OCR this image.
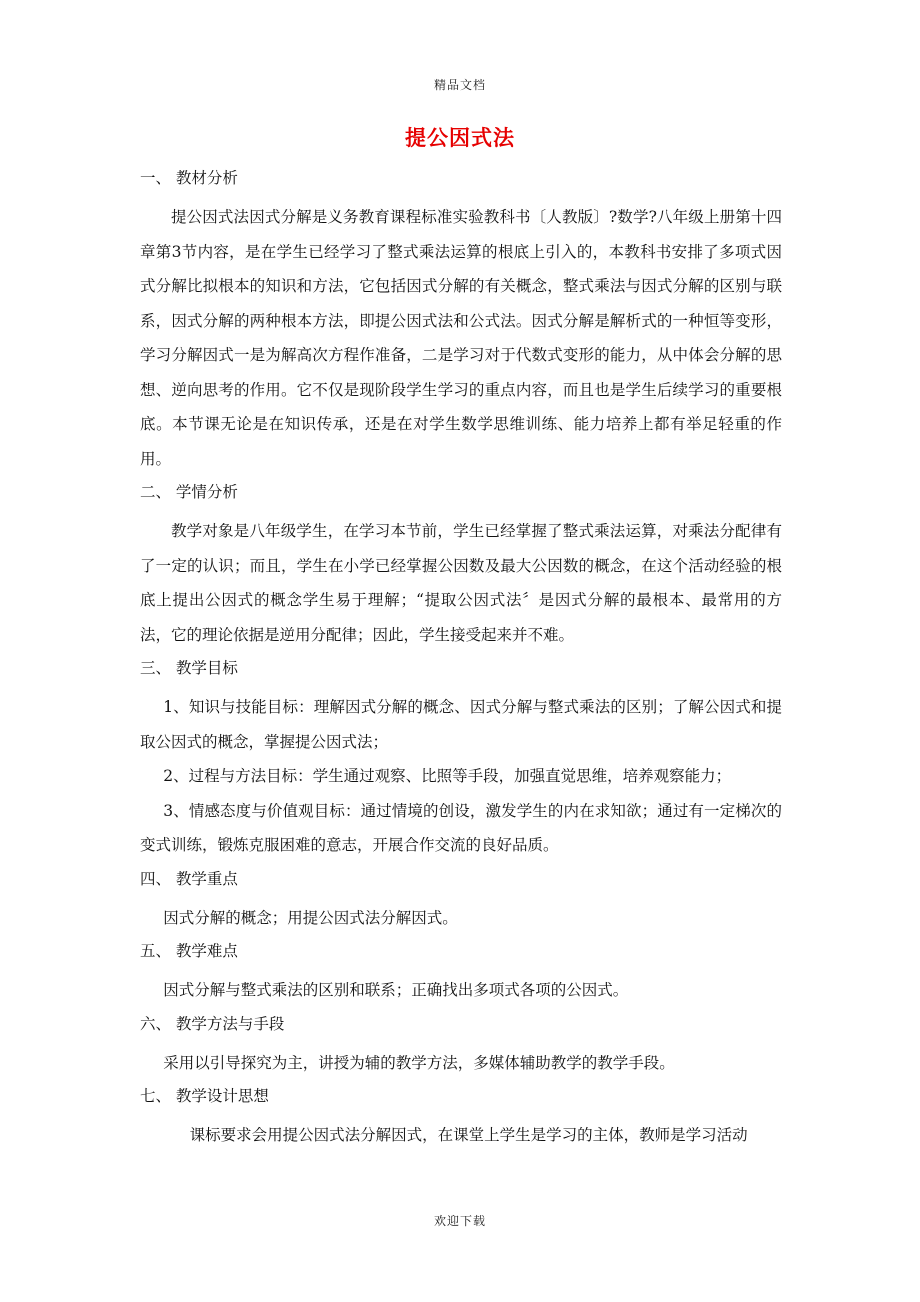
精品文档
提公因式法
一、 教材分析

提公因式法因式分解是义务教育课程标准实验教科书〔人教版〕?数学?八年级上册第十四章第3节内容，是在学生已经学习了整式乘法运算的根底上引入的，本教科书安排了多项式因式分解比拟根本的知识和方法，它包括因式分解的有关概念，整式乘法与因式分解的区别与联系，因式分解的两种根本方法，即提公因式法和公式法。因式分解是解析式的一种恒等变形，学习分解因式一是为解高次方程作准备，二是学习对于代数式变形的能力，从中体会分解的思想、逆向思考的作用。它不仅是现阶段学生学习的重点内容，而且也是学生后续学习的重要根底。本节课无论是在知识传承，还是在对学生数学思维训练、能力培养上都有举足轻重的作用。

二、 学情分析

教学对象是八年级学生，在学习本节前，学生已经掌握了整式乘法运算，对乘法分配律有了一定的认识；而且，学生在小学已经掌握公因数及最大公因数的概念，在这个活动经验的根底上提出公因式的概念学生易于理解；“提取公因式法〞是因式分解的最根本、最常用的方法，它的理论依据是逆用分配律；因此，学生接受起来并不难。

三、 教学目标

1、知识与技能目标：理解因式分解的概念、因式分解与整式乘法的区别；了解公因式和提取公因式的概念，掌握提公因式法；

2、过程与方法目标：学生通过观察、比照等手段，加强直觉思维，培养观察能力；

3、情感态度与价值观目标：通过情境的创设，激发学生的内在求知欲；通过有一定梯次的变式训练，锻炼克服困难的意志，开展合作交流的良好品质。

四、 教学重点

因式分解的概念；用提公因式法分解因式。

五、 教学难点

因式分解与整式乘法的区别和联系；正确找出多项式各项的公因式。

六、 教学方法与手段

采用以引导探究为主，讲授为辅的教学方法，多媒体辅助教学的教学手段。

七、 教学设计思想

课标要求会用提公因式法分解因式，在课堂上学生是学习的主体，教师是学习活动

欢迎下载
